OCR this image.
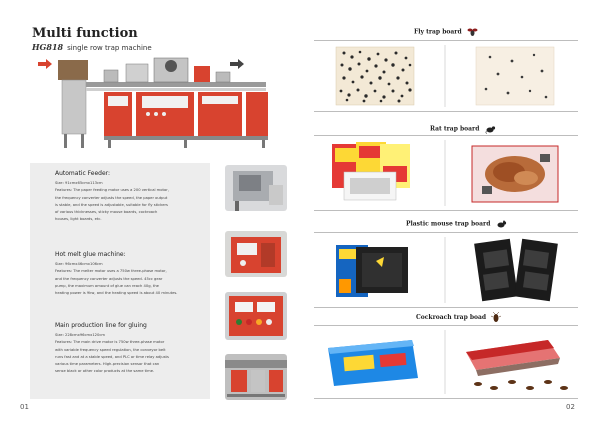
Multi function
HG818 single row trap machine
Automatic Feeder:
Size: 91cmx65cmx113cm
Features: The paper feeding motor uses a 200 vertical motor,
the frequency converter adjusts the speed, the paper output
is stable, and the speed is adjustable, suitable for fly stickers
of various thicknesses, sticky mouse boards, cockroach
houses, light boards, etc.
Hot melt glue machine:
Size: 96cmx46cmx106cm
Features: The melter motor uses a 750w three-phase motor,
and the frequency converter adjusts the speed. 45cc gear
pump, the maximum amount of glue can reach 40g, the
heating power is 9kw, and the heating speed is about 40 minutes.
Main production line for gluing
Size: 228cmx96cmx120cm
Features: The main drive motor is 750w three-phase motor
with variable frequency speed regulation, the conveyor belt
runs fast and at a stable speed, and PLC or time relay adjusts
various time parameters. High-precision sensor that can
sense black or other color products at the same time.
01
Fly trap board
Rat trap board
Plastic mouse trap board
Cockroach trap boad
02
